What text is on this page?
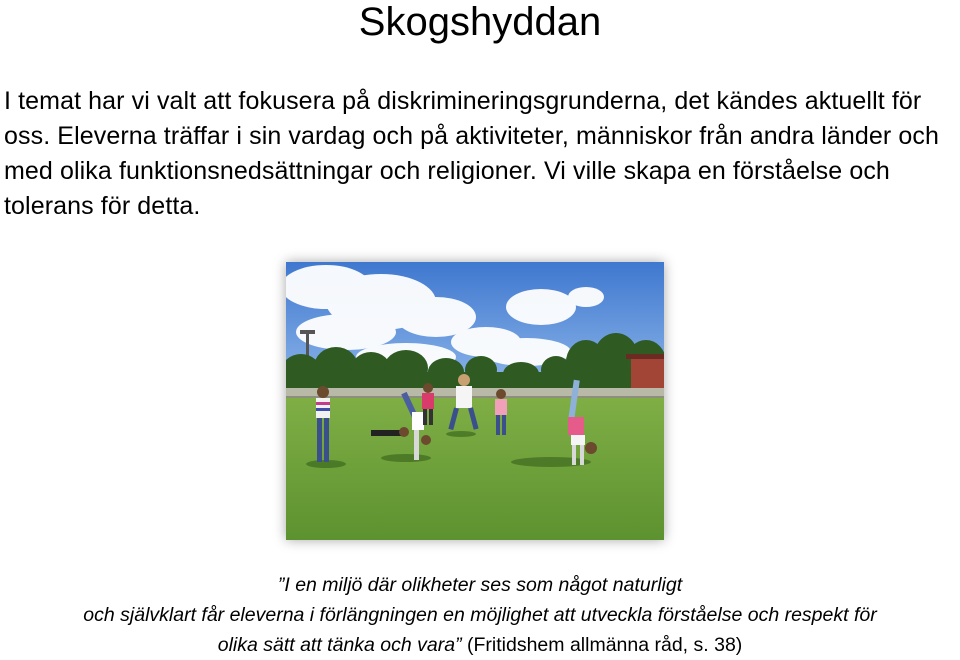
Skogshyddan

I temat har vi valt att fokusera på diskrimineringsgrunderna, det kändes aktuellt för oss. Eleverna träffar i sin vardag och på aktiviteter, människor från andra länder och med olika funktionsnedsättningar och religioner. Vi ville skapa en förståelse och tolerans för detta.

”I en miljö där olikheter ses som något naturligt
och självklart får eleverna i förlängningen en möjlighet att utveckla förståelse och respekt för
olika sätt att tänka och vara” (Fritidshem allmänna råd, s. 38)
